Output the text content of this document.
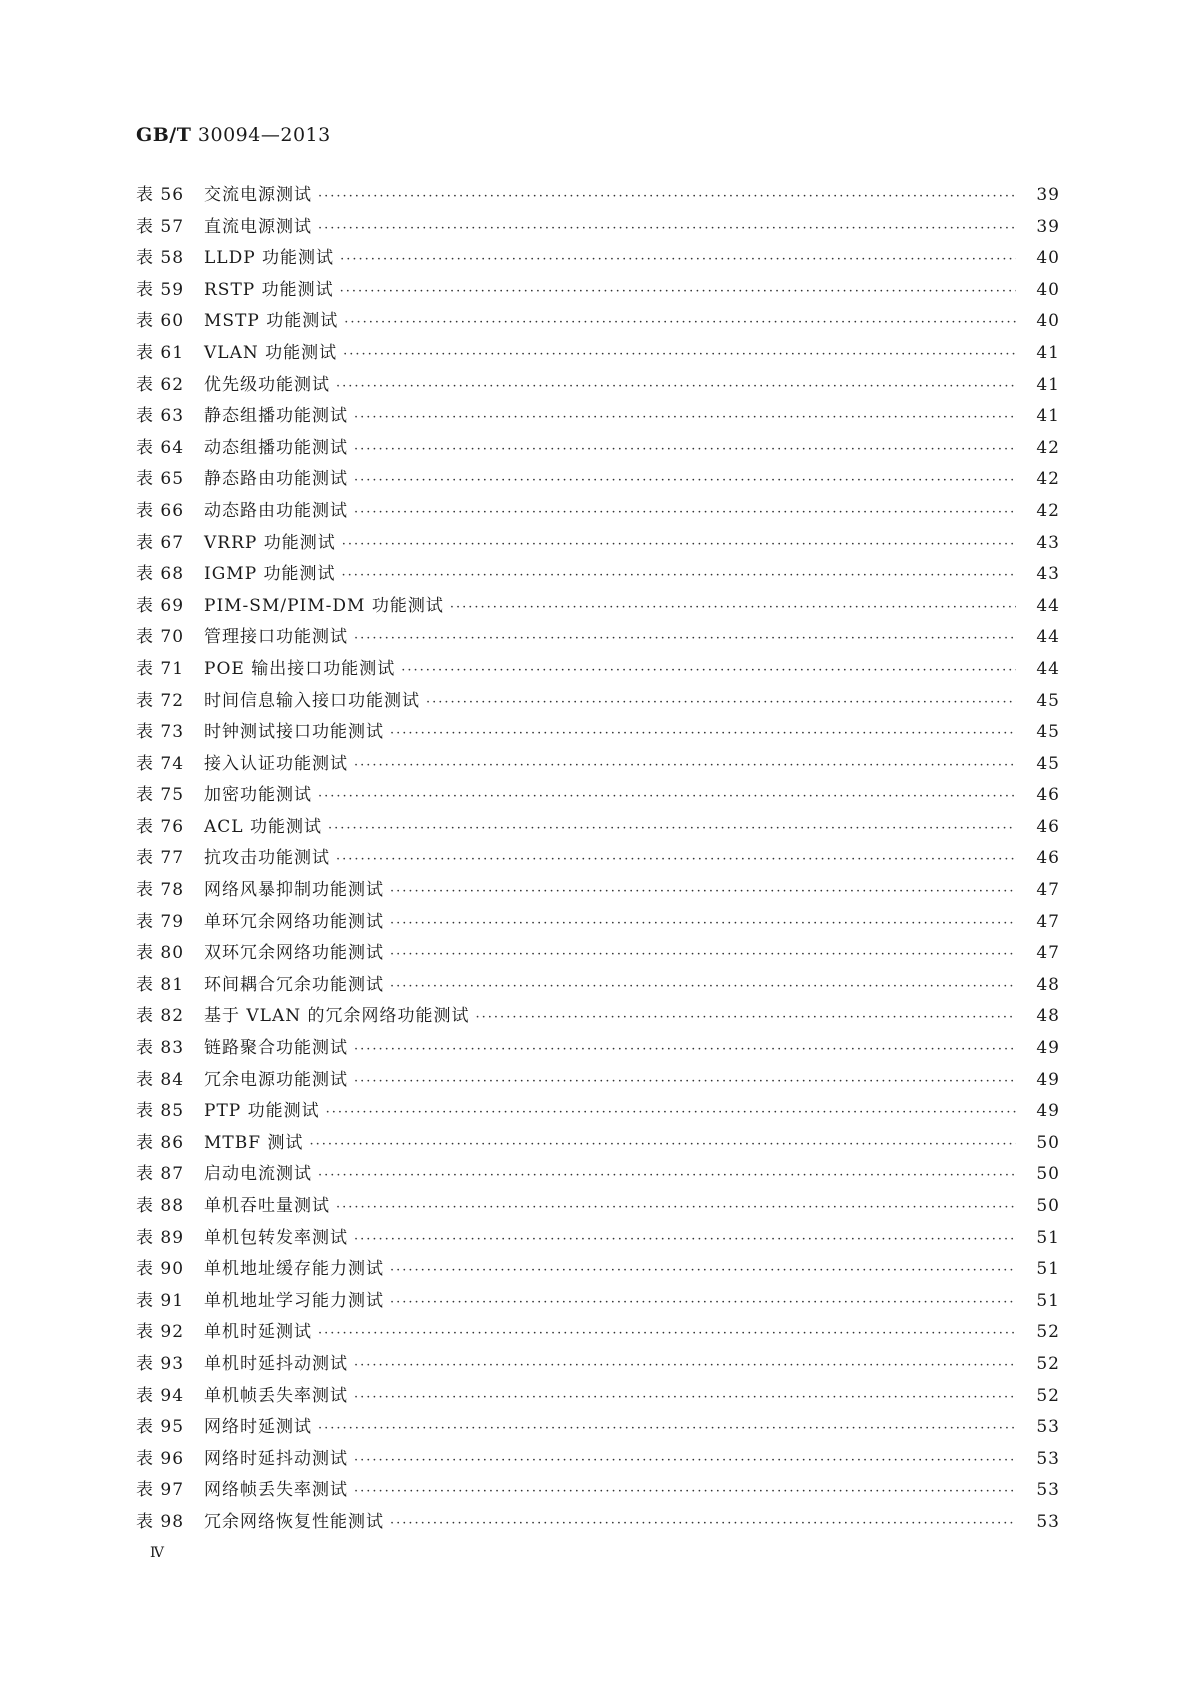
GB/T 30094—2013
表 56	交流电源测试 ·····	39
表 57	直流电源测试 ·····	39
表 58	LLDP 功能测试 ·····	40
表 59	RSTP 功能测试 ·····	40
表 60	MSTP 功能测试 ·····	40
表 61	VLAN 功能测试 ·····	41
表 62	优先级功能测试 ·····	41
表 63	静态组播功能测试 ·····	41
表 64	动态组播功能测试 ·····	42
表 65	静态路由功能测试 ·····	42
表 66	动态路由功能测试 ·····	42
表 67	VRRP 功能测试 ·····	43
表 68	IGMP 功能测试 ·····	43
表 69	PIM-SM/PIM-DM 功能测试 ·····	44
表 70	管理接口功能测试 ·····	44
表 71	POE 输出接口功能测试 ·····	44
表 72	时间信息输入接口功能测试 ·····	45
表 73	时钟测试接口功能测试 ·····	45
表 74	接入认证功能测试 ·····	45
表 75	加密功能测试 ·····	46
表 76	ACL 功能测试 ·····	46
表 77	抗攻击功能测试 ·····	46
表 78	网络风暴抑制功能测试 ·····	47
表 79	单环冗余网络功能测试 ·····	47
表 80	双环冗余网络功能测试 ·····	47
表 81	环间耦合冗余功能测试 ·····	48
表 82	基于 VLAN 的冗余网络功能测试 ·····	48
表 83	链路聚合功能测试 ·····	49
表 84	冗余电源功能测试 ·····	49
表 85	PTP 功能测试 ·····	49
表 86	MTBF 测试 ·····	50
表 87	启动电流测试 ·····	50
表 88	单机吞吐量测试 ·····	50
表 89	单机包转发率测试 ·····	51
表 90	单机地址缓存能力测试 ·····	51
表 91	单机地址学习能力测试 ·····	51
表 92	单机时延测试 ·····	52
表 93	单机时延抖动测试 ·····	52
表 94	单机帧丢失率测试 ·····	52
表 95	网络时延测试 ·····	53
表 96	网络时延抖动测试 ·····	53
表 97	网络帧丢失率测试 ·····	53
表 98	冗余网络恢复性能测试 ·····	53
Ⅳ
